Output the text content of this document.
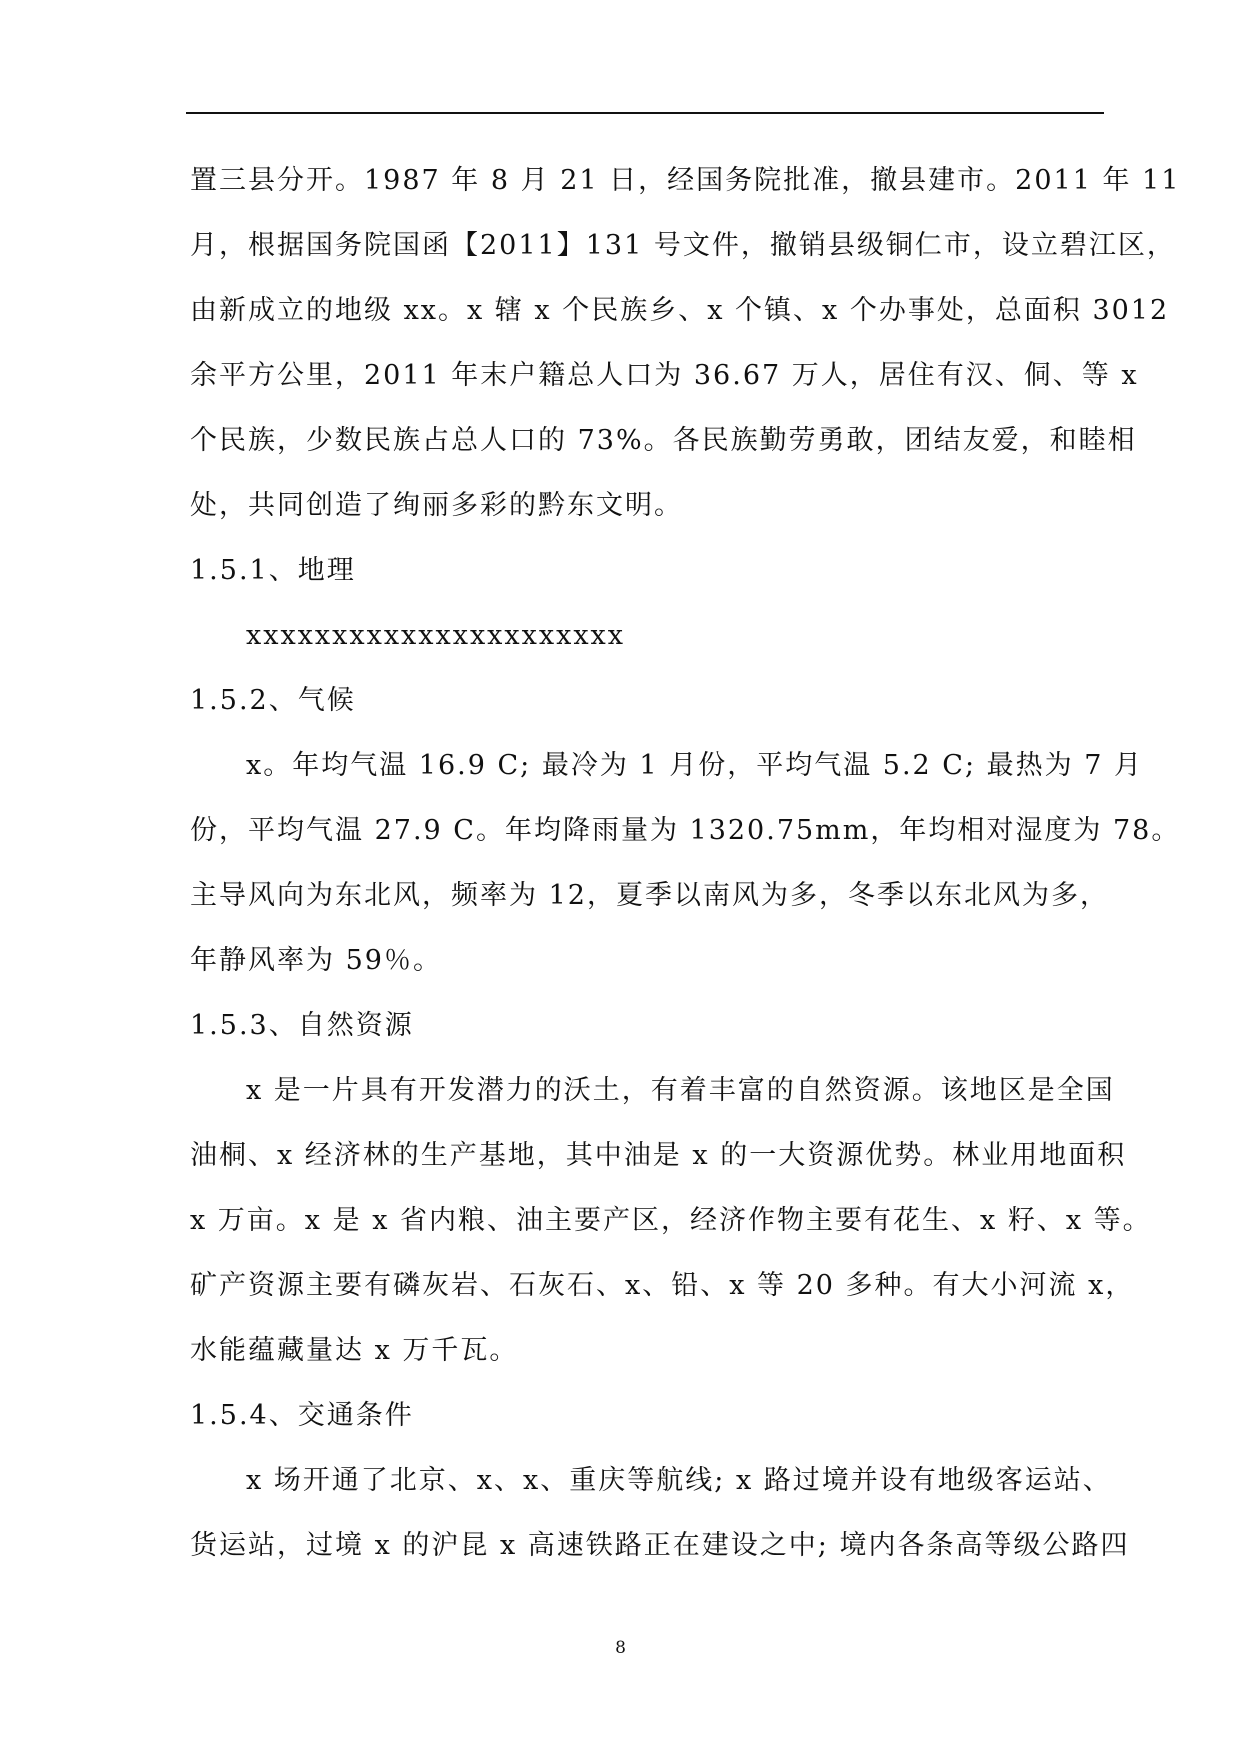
置三县分开。1987 年 8 月 21 日，经国务院批准，撤县建市。2011 年 11
月，根据国务院国函【2011】131 号文件，撤销县级铜仁市，设立碧江区，
由新成立的地级 xx。x 辖 x 个民族乡、x 个镇、x 个办事处，总面积 3012
余平方公里，2011 年末户籍总人口为 36.67 万人，居住有汉、侗、等 x
个民族，少数民族占总人口的 73%。各民族勤劳勇敢，团结友爱，和睦相
处，共同创造了绚丽多彩的黔东文明。
1.5.1、地理
xxxxxxxxxxxxxxxxxxxxxx
1.5.2、气候
x。年均气温 16.9 C; 最冷为 1 月份，平均气温 5.2 C; 最热为 7 月
份，平均气温 27.9 C。年均降雨量为 1320.75mm，年均相对湿度为 78。
主导风向为东北风，频率为 12，夏季以南风为多，冬季以东北风为多，
年静风率为 59％。
1.5.3、自然资源
x 是一片具有开发潜力的沃土，有着丰富的自然资源。该地区是全国
油桐、x 经济林的生产基地，其中油是 x 的一大资源优势。林业用地面积
x 万亩。x 是 x 省内粮、油主要产区，经济作物主要有花生、x 籽、x 等。
矿产资源主要有磷灰岩、石灰石、x、铅、x 等 20 多种。有大小河流 x，
水能蕴藏量达 x 万千瓦。
1.5.4、交通条件
x 场开通了北京、x、x、重庆等航线; x 路过境并设有地级客运站、
货运站，过境 x 的沪昆 x 高速铁路正在建设之中; 境内各条高等级公路四
8
